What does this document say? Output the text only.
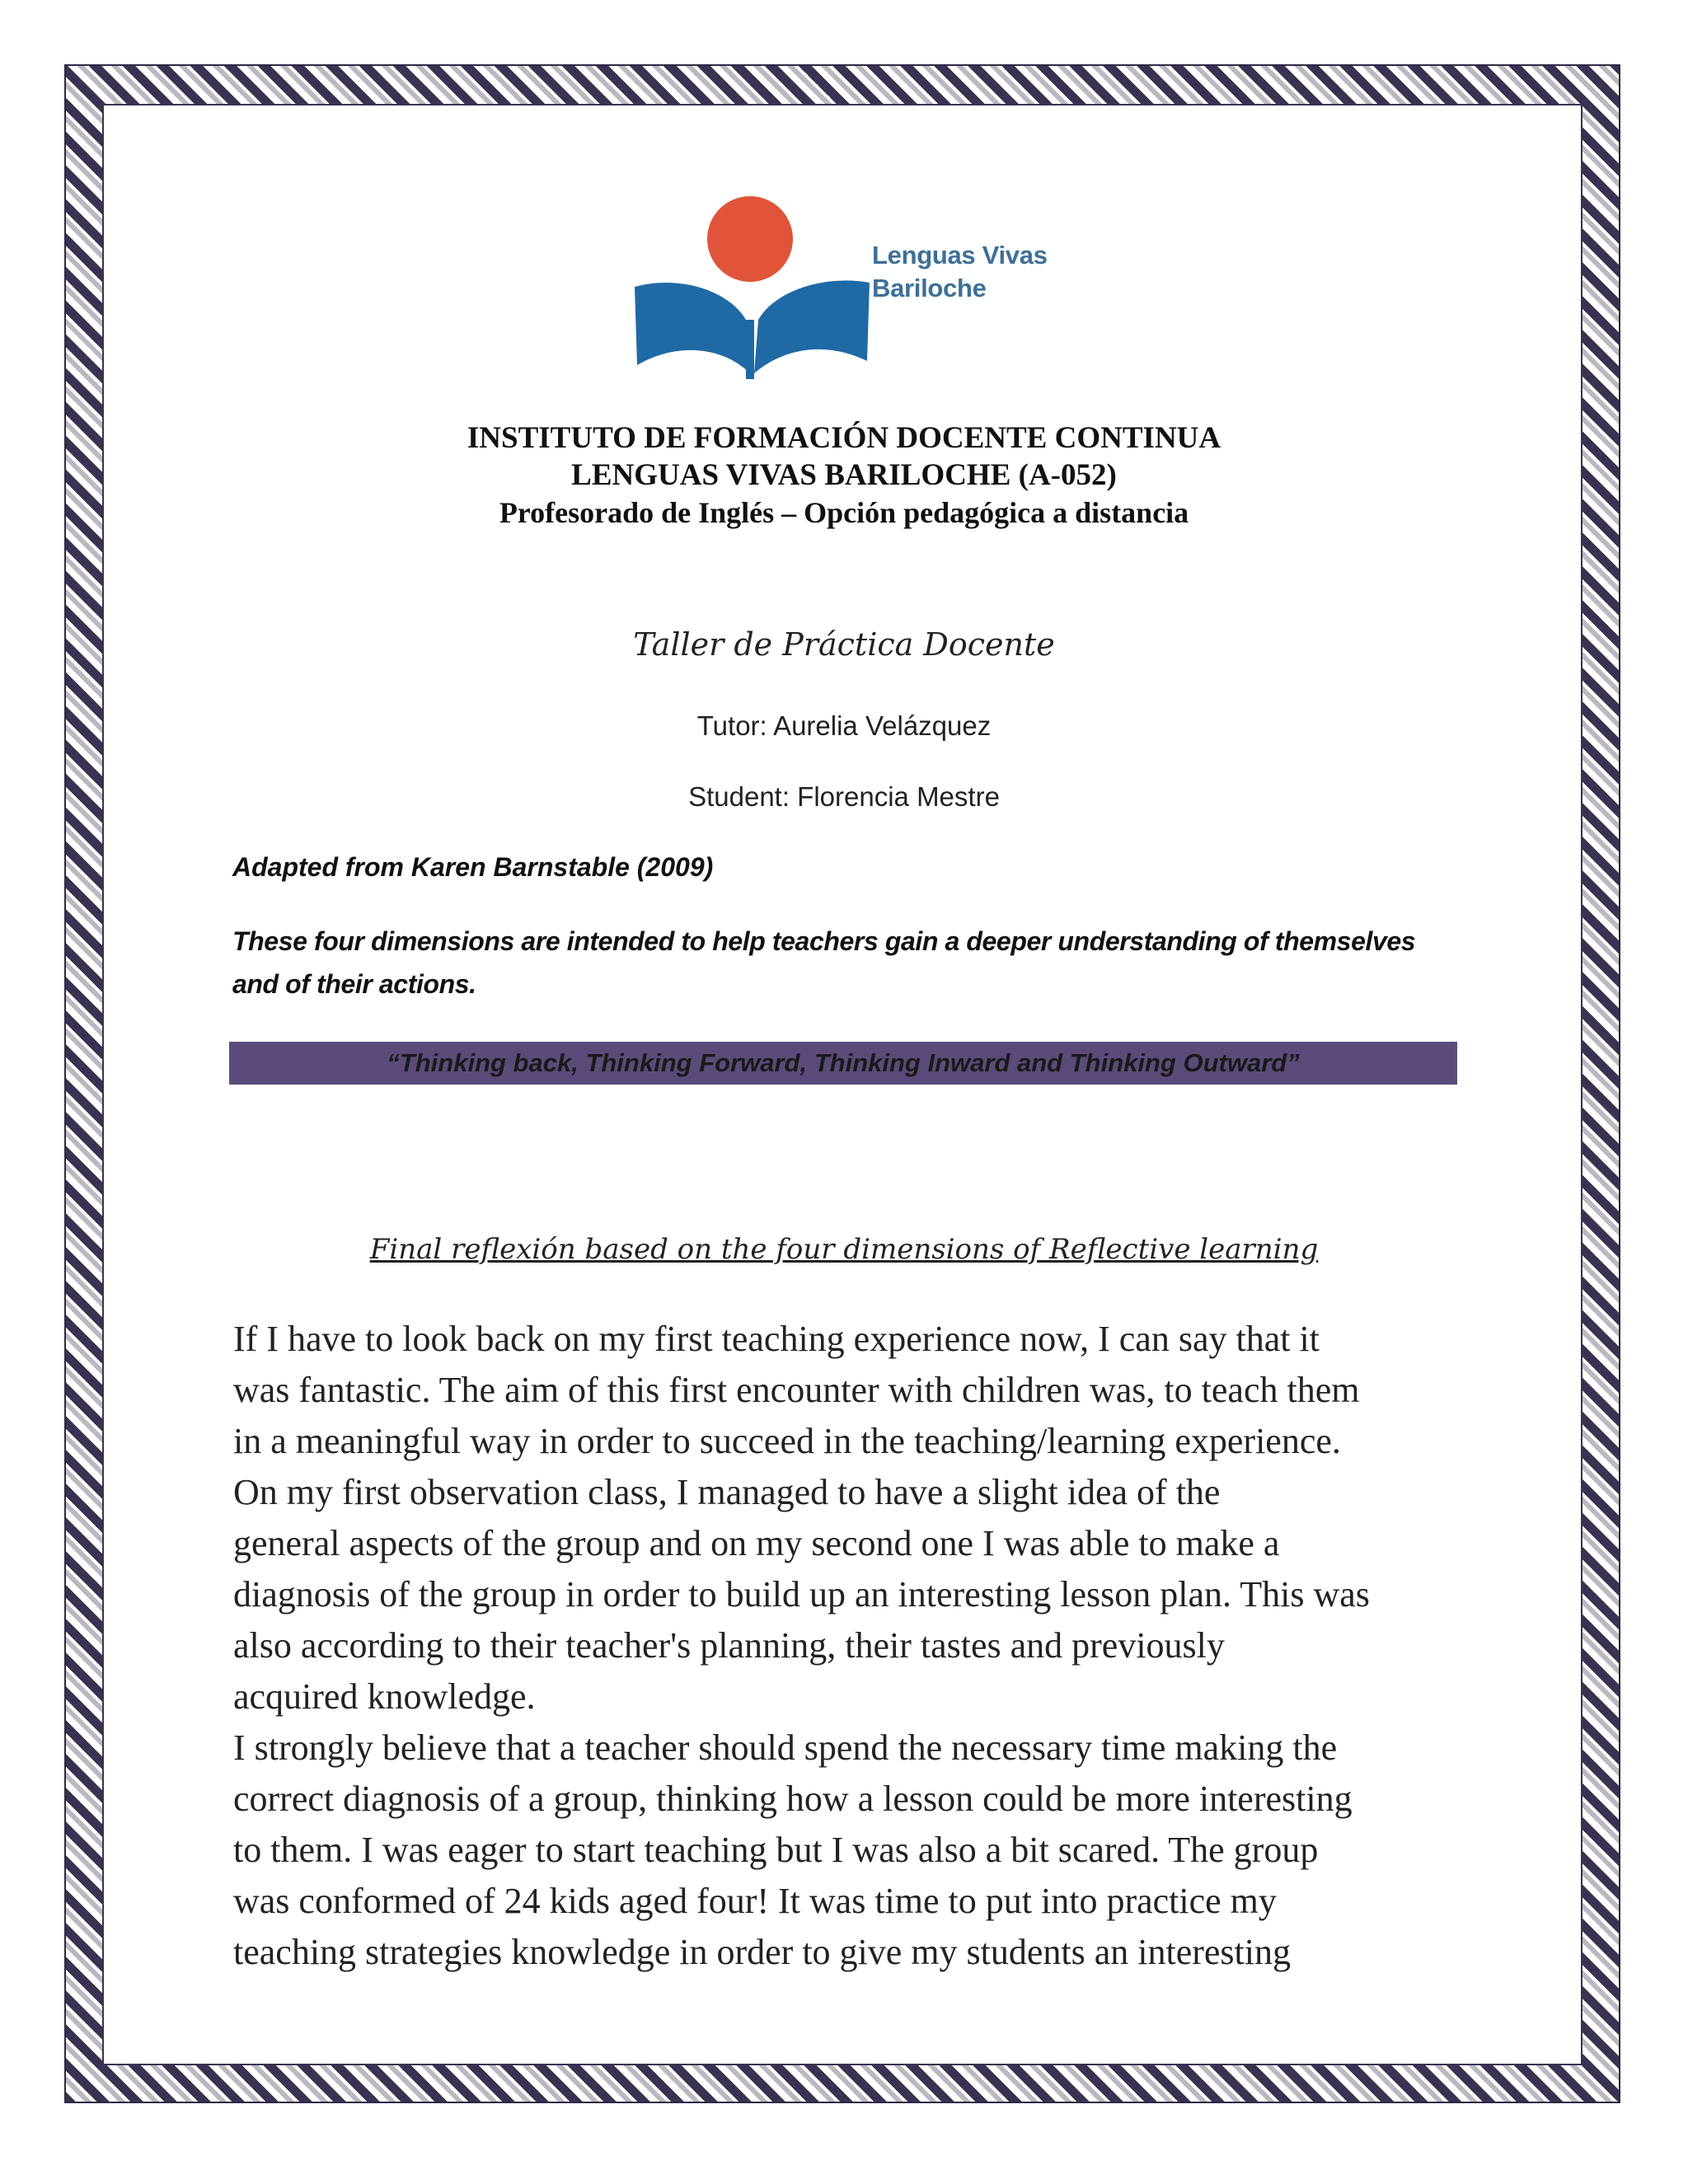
Lenguas Vivas
Bariloche
INSTITUTO DE FORMACIÓN DOCENTE CONTINUA
LENGUAS VIVAS BARILOCHE (A-052)
Profesorado de Inglés – Opción pedagógica a distancia
Taller de Práctica Docente
Tutor: Aurelia Velázquez
Student: Florencia Mestre
Adapted from Karen Barnstable (2009)
These four dimensions are intended to help teachers gain a deeper understanding of themselves
and of their actions.
“Thinking back, Thinking Forward, Thinking Inward and Thinking Outward”
Final reflexión based on the four dimensions of Reflective learning
If I have to look back on my first teaching experience now, I can say that it
was fantastic. The aim of this first encounter with children was, to teach them
in a meaningful way in order to succeed in the teaching/learning experience.
On my first observation class, I managed to have a slight idea of the
general aspects of the group and on my second one I was able to make a
diagnosis of the group in order to build up an interesting lesson plan. This was
also according to their teacher's planning, their tastes and previously
acquired knowledge.
I strongly believe that a teacher should spend the necessary time making the
correct diagnosis of a group, thinking how a lesson could be more interesting
to them. I was eager to start teaching but I was also a bit scared. The group
was conformed of 24 kids aged four! It was time to put into practice my
teaching strategies knowledge in order to give my students an interesting
